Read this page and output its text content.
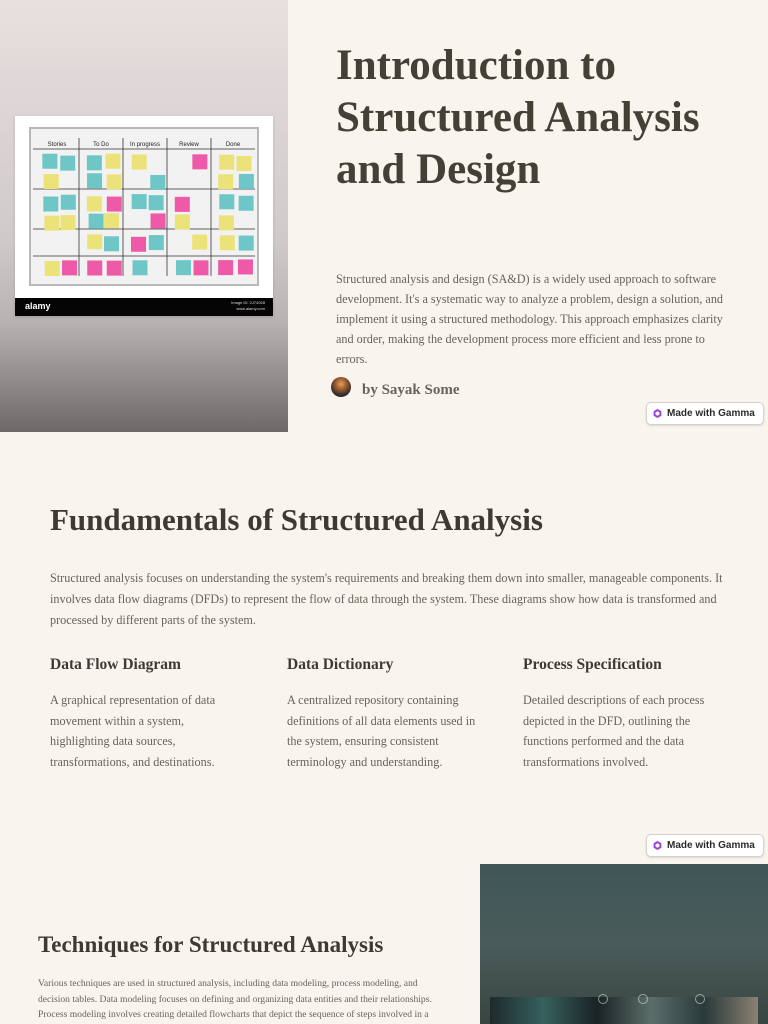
Stories	To Do	In progress	Review	Done
alamy	Image ID: 2J74928
www.alamy.com
Introduction to Structured Analysis and Design

Structured analysis and design (SA&D) is a widely used approach to software development. It's a systematic way to analyze a problem, design a solution, and implement it using a structured methodology. This approach emphasizes clarity and order, making the development process more efficient and less prone to errors.

by Sayak Some
Made with Gamma
Fundamentals of Structured Analysis

Structured analysis focuses on understanding the system's requirements and breaking them down into smaller, manageable components. It involves data flow diagrams (DFDs) to represent the flow of data through the system. These diagrams show how data is transformed and processed by different parts of the system.

Data Flow Diagram

A graphical representation of data movement within a system, highlighting data sources, transformations, and destinations.

Data Dictionary

A centralized repository containing definitions of all data elements used in the system, ensuring consistent terminology and understanding.

Process Specification

Detailed descriptions of each process depicted in the DFD, outlining the functions performed and the data transformations involved.

Made with Gamma
Techniques for Structured Analysis

Various techniques are used in structured analysis, including data modeling, process modeling, and decision tables. Data modeling focuses on defining and organizing data entities and their relationships. Process modeling involves creating detailed flowcharts that depict the sequence of steps involved in a
